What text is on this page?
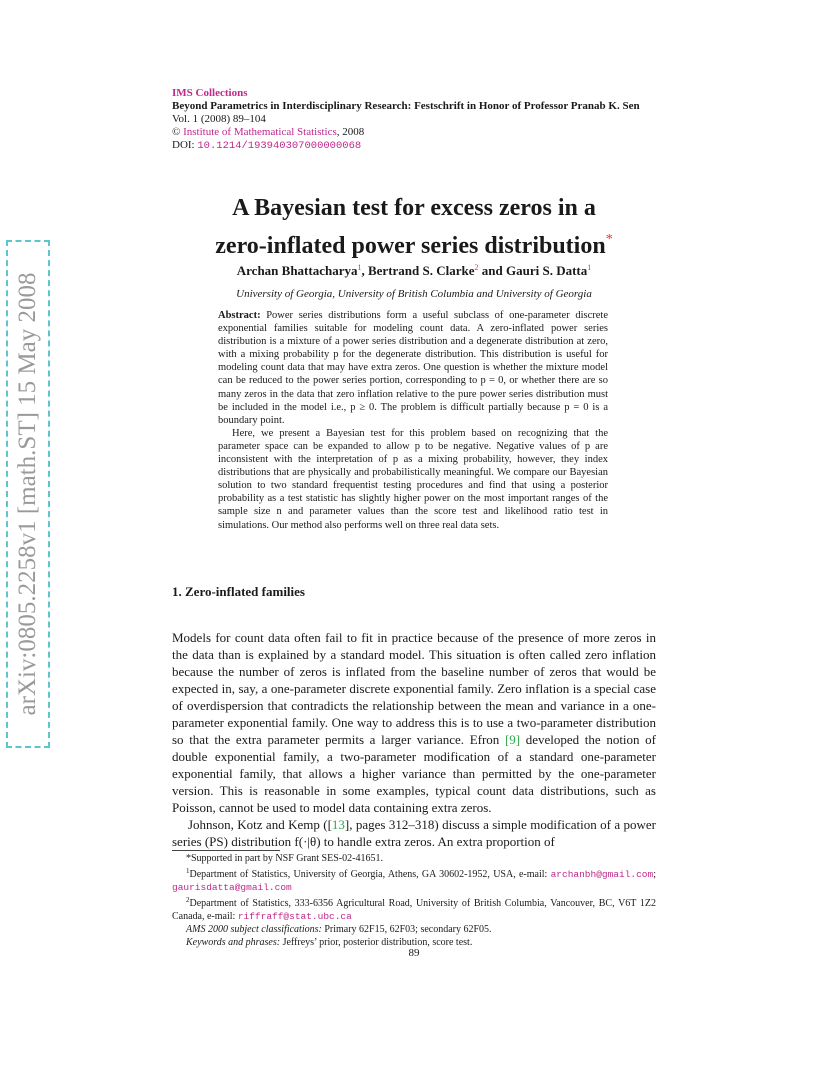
arXiv:0805.2258v1 [math.ST] 15 May 2008
IMS Collections
Beyond Parametrics in Interdisciplinary Research: Festschrift in Honor of Professor Pranab K. Sen
Vol. 1 (2008) 89–104
© Institute of Mathematical Statistics, 2008
DOI: 10.1214/193940307000000068
A Bayesian test for excess zeros in a
zero-inflated power series distribution*
Archan Bhattacharya$^1$, Bertrand S. Clarke$^2$ and Gauri S. Datta$^1$
University of Georgia, University of British Columbia and University of Georgia

Abstract: Power series distributions form a useful subclass of one-parameter discrete exponential families suitable for modeling count data. A zero-inflated power series distribution is a mixture of a power series distribution and a degenerate distribution at zero, with a mixing probability p for the degenerate distribution. This distribution is useful for modeling count data that may have extra zeros. One question is whether the mixture model can be reduced to the power series portion, corresponding to p = 0, or whether there are so many zeros in the data that zero inflation relative to the pure power series distribution must be included in the model i.e., p ≥ 0. The problem is difficult partially because p = 0 is a boundary point.

Here, we present a Bayesian test for this problem based on recognizing that the parameter space can be expanded to allow p to be negative. Negative values of p are inconsistent with the interpretation of p as a mixing probability, however, they index distributions that are physically and probabilistically meaningful. We compare our Bayesian solution to two standard frequentist testing procedures and find that using a posterior probability as a test statistic has slightly higher power on the most important ranges of the sample size n and parameter values than the score test and likelihood ratio test in simulations. Our method also performs well on three real data sets.

1. Zero-inflated families

Models for count data often fail to fit in practice because of the presence of more zeros in the data than is explained by a standard model. This situation is often called zero inflation because the number of zeros is inflated from the baseline number of zeros that would be expected in, say, a one-parameter discrete exponential family. Zero inflation is a special case of overdispersion that contradicts the relationship between the mean and variance in a one-parameter exponential family. One way to address this is to use a two-parameter distribution so that the extra parameter permits a larger variance. Efron [9] developed the notion of double exponential family, a two-parameter modification of a standard one-parameter exponential family, that allows a higher variance than permitted by the one-parameter version. This is reasonable in some examples, typical count data distributions, such as Poisson, cannot be used to model data containing extra zeros.

Johnson, Kotz and Kemp ([13], pages 312–318) discuss a simple modification of a power series (PS) distribution f(·|θ) to handle extra zeros. An extra proportion of

*Supported in part by NSF Grant SES-02-41651.

$^1$Department of Statistics, University of Georgia, Athens, GA 30602-1952, USA, e-mail: archanbh@gmail.com; gaurisdatta@gmail.com

$^2$Department of Statistics, 333-6356 Agricultural Road, University of British Columbia, Vancouver, BC, V6T 1Z2 Canada, e-mail: riffraff@stat.ubc.ca

AMS 2000 subject classifications: Primary 62F15, 62F03; secondary 62F05.

Keywords and phrases: Jeffreys’ prior, posterior distribution, score test.

89
